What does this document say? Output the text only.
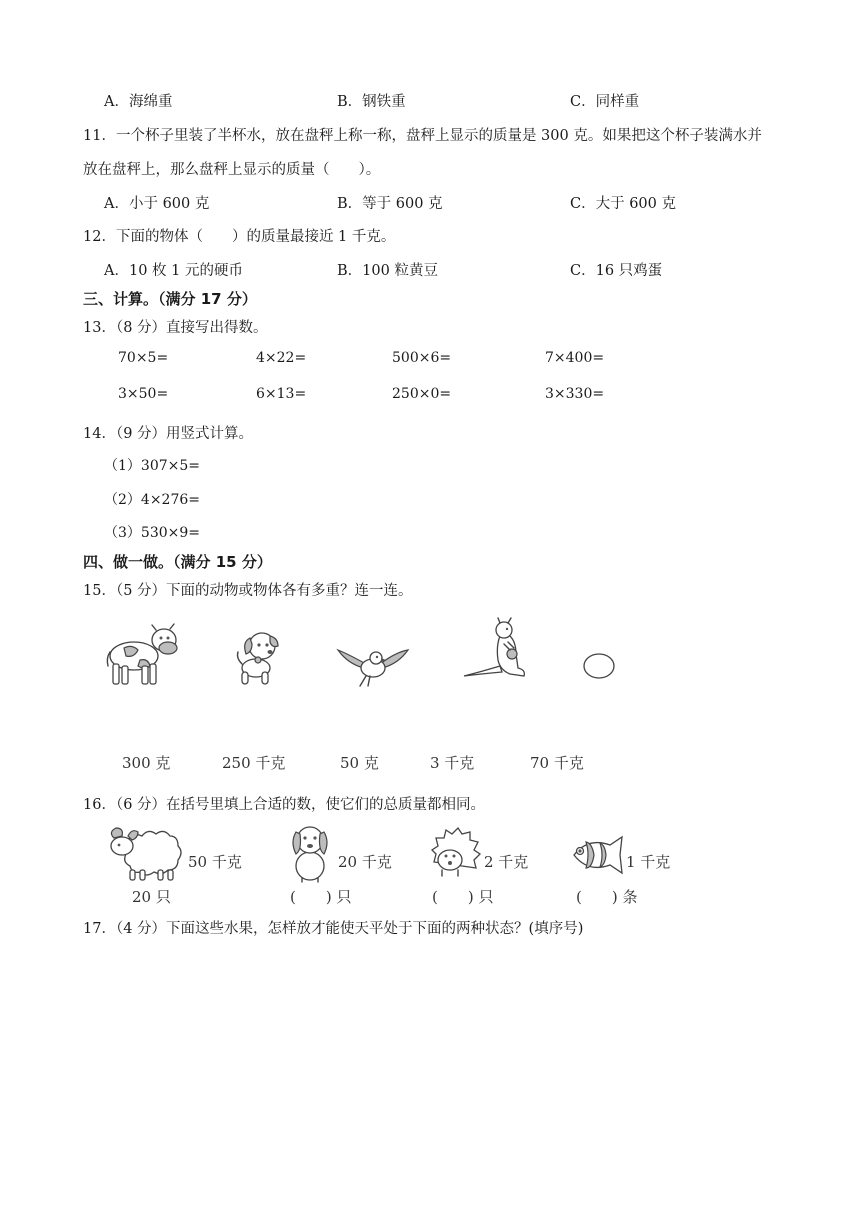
A．海绵重	B．钢铁重	C．同样重
11．一个杯子里装了半杯水，放在盘秤上称一称，盘秤上显示的质量是 300 克。如果把这个杯子装满水并
放在盘秤上，那么盘秤上显示的质量（　　）。
A．小于 600 克	B．等于 600 克	C．大于 600 克
12．下面的物体（　　）的质量最接近 1 千克。
A．10 枚 1 元的硬币	B．100 粒黄豆	C．16 只鸡蛋
三、计算。（满分 17 分）
13．（8 分）直接写出得数。
70×5=	4×22=	500×6=	7×400=
3×50=	6×13=	250×0=	3×330=
14．（9 分）用竖式计算。
（1）307×5=
（2）4×276=
（3）530×9=
四、做一做。（满分 15 分）
15．（5 分）下面的动物或物体各有多重？连一连。
300 克	250 千克	50 克	3 千克	70 千克
16．（6 分）在括号里填上合适的数，使它们的总质量都相同。
50 千克
20 只
20 千克
(　　) 只
2 千克
(　　) 只
1 千克
(　　) 条
17．（4 分）下面这些水果，怎样放才能使天平处于下面的两种状态？(填序号)
